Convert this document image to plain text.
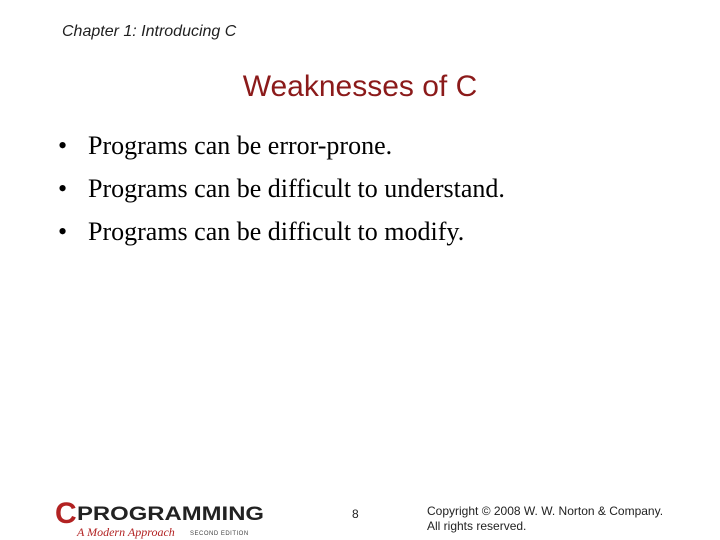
Chapter 1: Introducing C
Weaknesses of C
• Programs can be error-prone.
• Programs can be difficult to understand.
• Programs can be difficult to modify.
C PROGRAMMING
A Modern Approach	SECOND EDITION
8	Copyright © 2008 W. W. Norton & Company.
All rights reserved.
